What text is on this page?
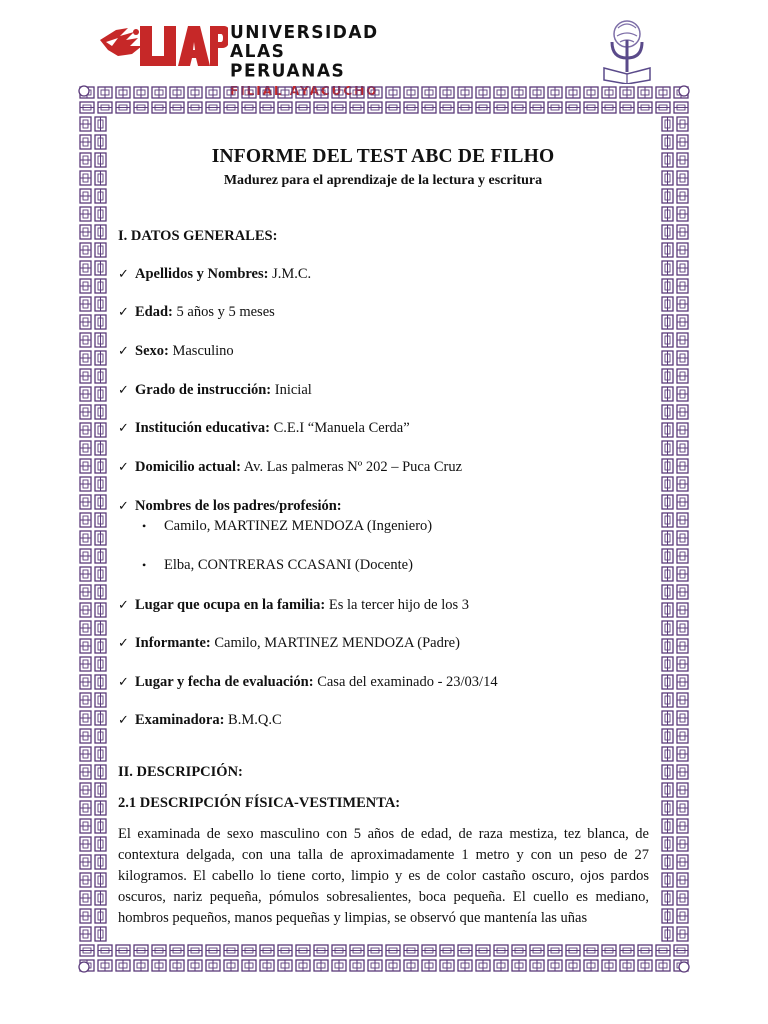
UNIVERSIDAD
ALAS PERUANAS
FILIAL AYACUCHO
INFORME DEL TEST ABC DE FILHO
Madurez para el aprendizaje de la lectura y escritura
I. DATOS GENERALES:
✓ Apellidos y Nombres: J.M.C.
✓ Edad: 5 años y 5 meses
✓ Sexo: Masculino
✓ Grado de instrucción: Inicial
✓ Institución educativa: C.E.I “Manuela Cerda”
✓ Domicilio actual: Av. Las palmeras Nº 202 – Puca Cruz
✓ Nombres de los padres/profesión:
• Camilo, MARTINEZ MENDOZA (Ingeniero)
• Elba, CONTRERAS CCASANI (Docente)
✓ Lugar que ocupa en la familia: Es la tercer hijo de los 3
✓ Informante: Camilo, MARTINEZ MENDOZA (Padre)
✓ Lugar y fecha de evaluación: Casa del examinado - 23/03/14
✓ Examinadora: B.M.Q.C
II. DESCRIPCIÓN:
2.1 DESCRIPCIÓN FÍSICA-VESTIMENTA:
El examinada de sexo masculino con 5 años de edad, de raza mestiza, tez blanca, de contextura delgada, con una talla de aproximadamente 1 metro y con un peso de 27 kilogramos. El cabello lo tiene corto, limpio y es de color castaño oscuro, ojos pardos oscuros, nariz pequeña, pómulos sobresalientes, boca pequeña. El cuello es mediano, hombros pequeños, manos pequeñas y limpias, se observó que mantenía las uñas
